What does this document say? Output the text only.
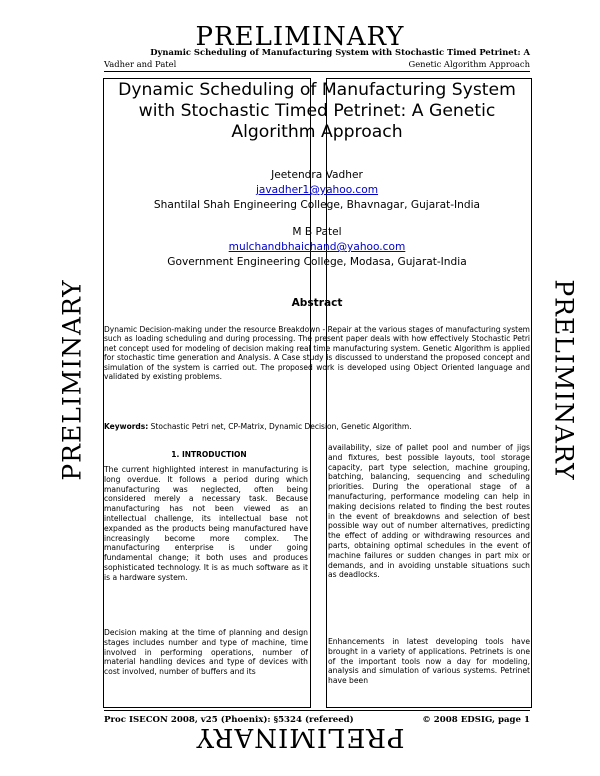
PRELIMINARY
PRELIMINARY	PRELIMINARY
PRELIMINARY
Dynamic Scheduling of Manufacturing System with Stochastic Timed Petrinet: A
Vadher and Patel	Genetic Algorithm Approach
Dynamic Scheduling of Manufacturing System with Stochastic Timed Petrinet: A Genetic Algorithm Approach
Jeetendra Vadher
javadher1@yahoo.com
Shantilal Shah Engineering College, Bhavnagar, Gujarat-India
M B Patel
mulchandbhaichand@yahoo.com
Government Engineering College, Modasa, Gujarat-India
Abstract
Dynamic Decision-making under the resource Breakdown - Repair at the various stages of manufacturing system such as loading scheduling and during processing. The present paper deals with how effectively Stochastic Petri net concept used for modeling of decision making real time manufacturing system. Genetic Algorithm is applied for stochastic time generation and Analysis. A Case study is discussed to understand the proposed concept and simulation of the system is carried out. The proposed work is developed using Object Oriented language and validated by existing problems.
Keywords: Stochastic Petri net, CP-Matrix, Dynamic Decision, Genetic Algorithm.
1. INTRODUCTION

The current highlighted interest in manufacturing is long overdue. It follows a period during which manufacturing was neglected, often being considered merely a necessary task. Because manufacturing has not been viewed as an intellectual challenge, its intellectual base not expanded as the products being manufactured have increasingly become more complex. The manufacturing enterprise is under going fundamental change; it both uses and produces sophisticated technology. It is as much software as it is a hardware system.

Decision making at the time of planning and design stages includes number and type of machine, time involved in performing operations, number of material handling devices and type of devices with cost involved, number of buffers and its

availability, size of pallet pool and number of jigs and fixtures, best possible layouts, tool storage capacity, part type selection, machine grouping, batching, balancing, sequencing and scheduling priorities. During the operational stage of a manufacturing, performance modeling can help in making decisions related to finding the best routes in the event of breakdowns and selection of best possible way out of number alternatives, predicting the effect of adding or withdrawing resources and parts, obtaining optimal schedules in the event of machine failures or sudden changes in part mix or demands, and in avoiding unstable situations such as deadlocks.

Enhancements in latest developing tools have brought in a variety of applications. Petrinets is one of the important tools now a day for modeling, analysis and simulation of various systems. Petrinet have been

Proc ISECON 2008, v25 (Phoenix): §5324 (refereed)	© 2008 EDSIG, page 1
